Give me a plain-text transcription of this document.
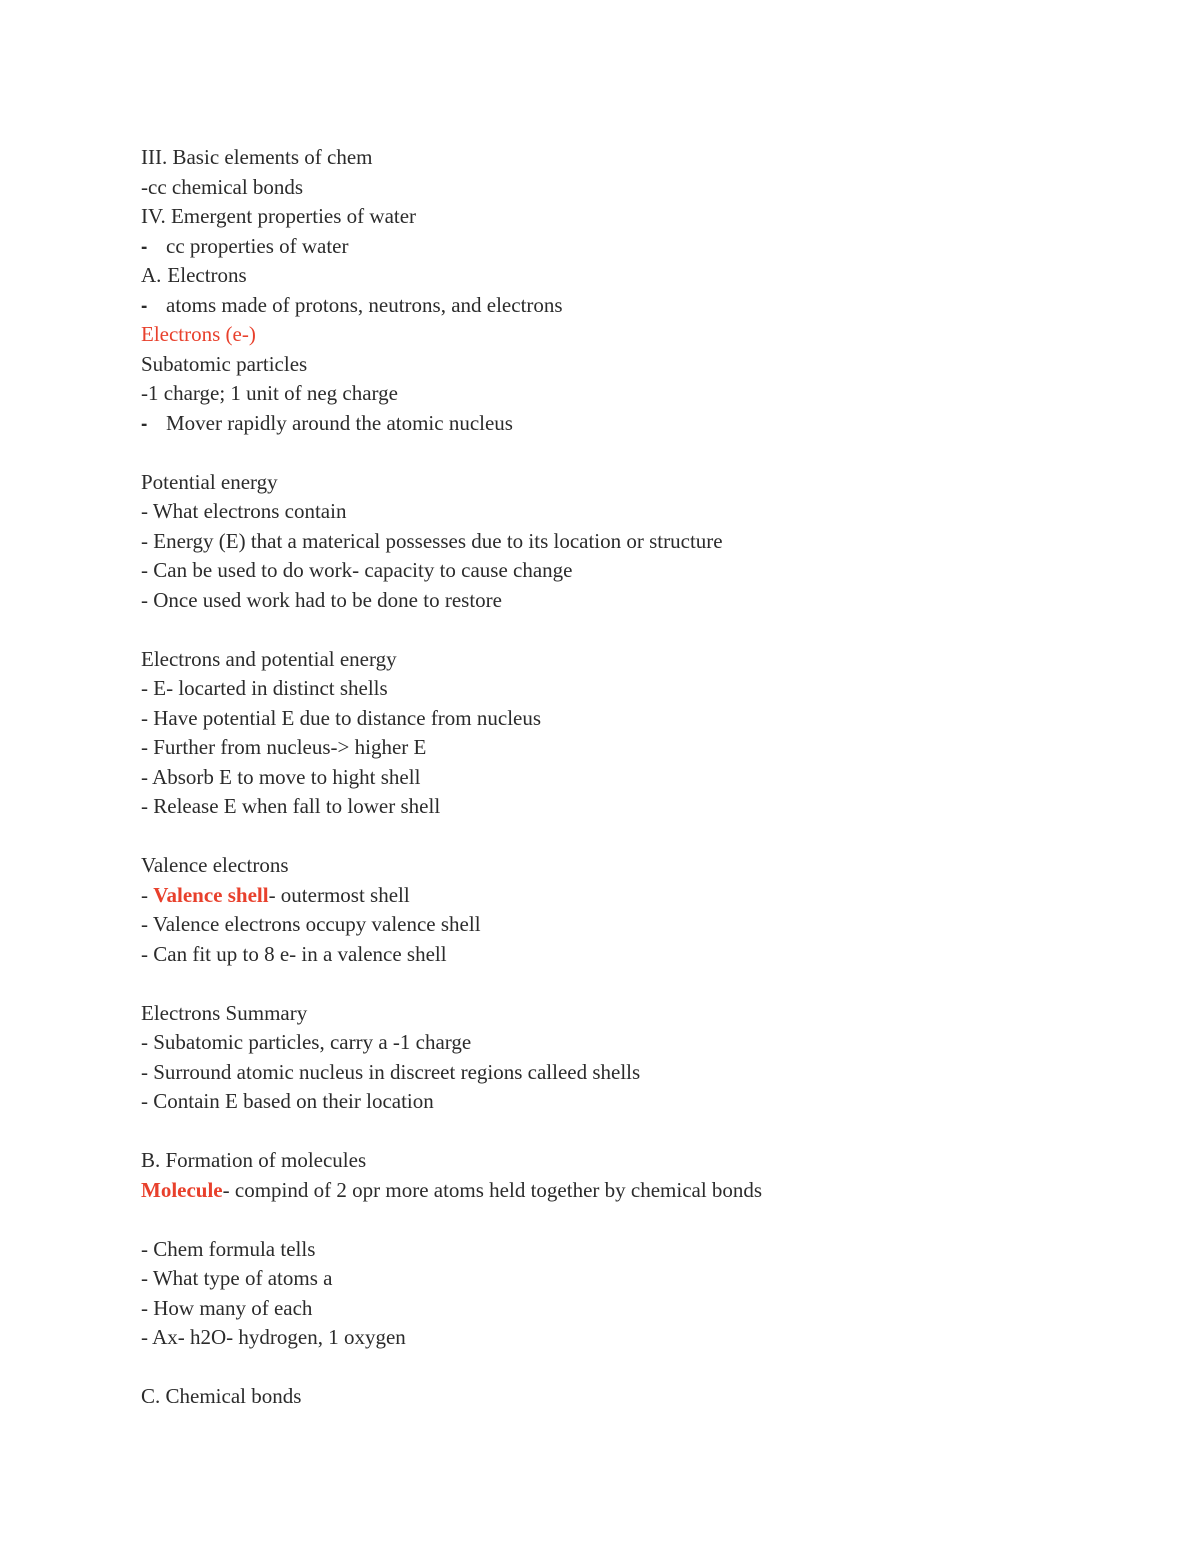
III. Basic elements of chem
-cc chemical bonds
IV. Emergent properties of water
- cc properties of water
A. Electrons
- atoms made of protons, neutrons, and electrons
Electrons (e-)
Subatomic particles
-1 charge; 1 unit of neg charge
- Mover rapidly around the atomic nucleus
Potential energy
- What electrons contain
- Energy (E) that a materical possesses due to its location or structure
- Can be used to do work- capacity to cause change
- Once used work had to be done to restore
Electrons and potential energy
- E- locarted in distinct shells
- Have potential E due to distance from nucleus
- Further from nucleus-> higher E
- Absorb E to move to hight shell
- Release E when fall to lower shell
Valence electrons
- Valence shell- outermost shell
- Valence electrons occupy valence shell
- Can fit up to 8 e- in a valence shell
Electrons Summary
- Subatomic particles, carry a -1 charge
- Surround atomic nucleus in discreet regions calleed shells
- Contain E based on their location
B. Formation of molecules
Molecule- compind of 2 opr more atoms held together by chemical bonds
- Chem formula tells
- What type of atoms a
- How many of each
- Ax- h2O- hydrogen, 1 oxygen
C. Chemical bonds
